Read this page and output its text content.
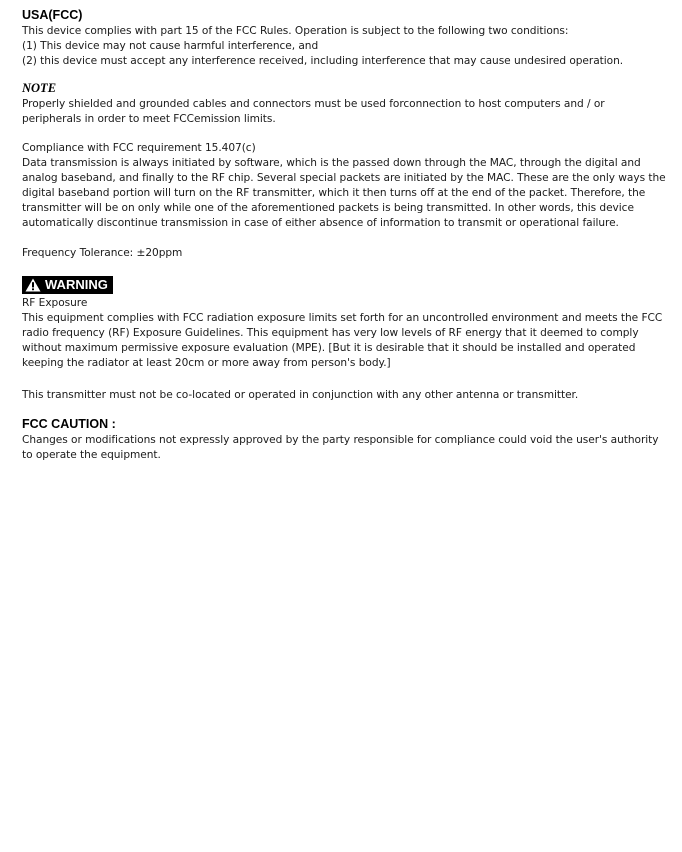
USA(FCC)

This device complies with part 15 of the FCC Rules. Operation is subject to the following two conditions:
(1) This device may not cause harmful interference, and
(2) this device must accept any interference received, including interference that may cause undesired operation.

NOTE

Properly shielded and grounded cables and connectors must be used forconnection to host computers and / or peripherals in order to meet FCCemission limits.

Compliance with FCC requirement 15.407(c)

Data transmission is always initiated by software, which is the passed down through the MAC, through the digital and analog baseband, and finally to the RF chip. Several special packets are initiated by the MAC. These are the only ways the digital baseband portion will turn on the RF transmitter, which it then turns off at the end of the packet. Therefore, the transmitter will be on only while one of the aforementioned packets is being transmitted. In other words, this device automatically discontinue transmission in case of either absence of information to transmit or operational failure.

Frequency Tolerance: ±20ppm

WARNING

RF Exposure

This equipment complies with FCC radiation exposure limits set forth for an uncontrolled environment and meets the FCC radio frequency (RF) Exposure Guidelines. This equipment has very low levels of RF energy that it deemed to comply without maximum permissive exposure evaluation (MPE). [But it is desirable that it should be installed and operated keeping the radiator at least 20cm or more away from person's body.]

This transmitter must not be co-located or operated in conjunction with any other antenna or transmitter.

FCC CAUTION :

Changes or modifications not expressly approved by the party responsible for compliance could void the user's authority to operate the equipment.
